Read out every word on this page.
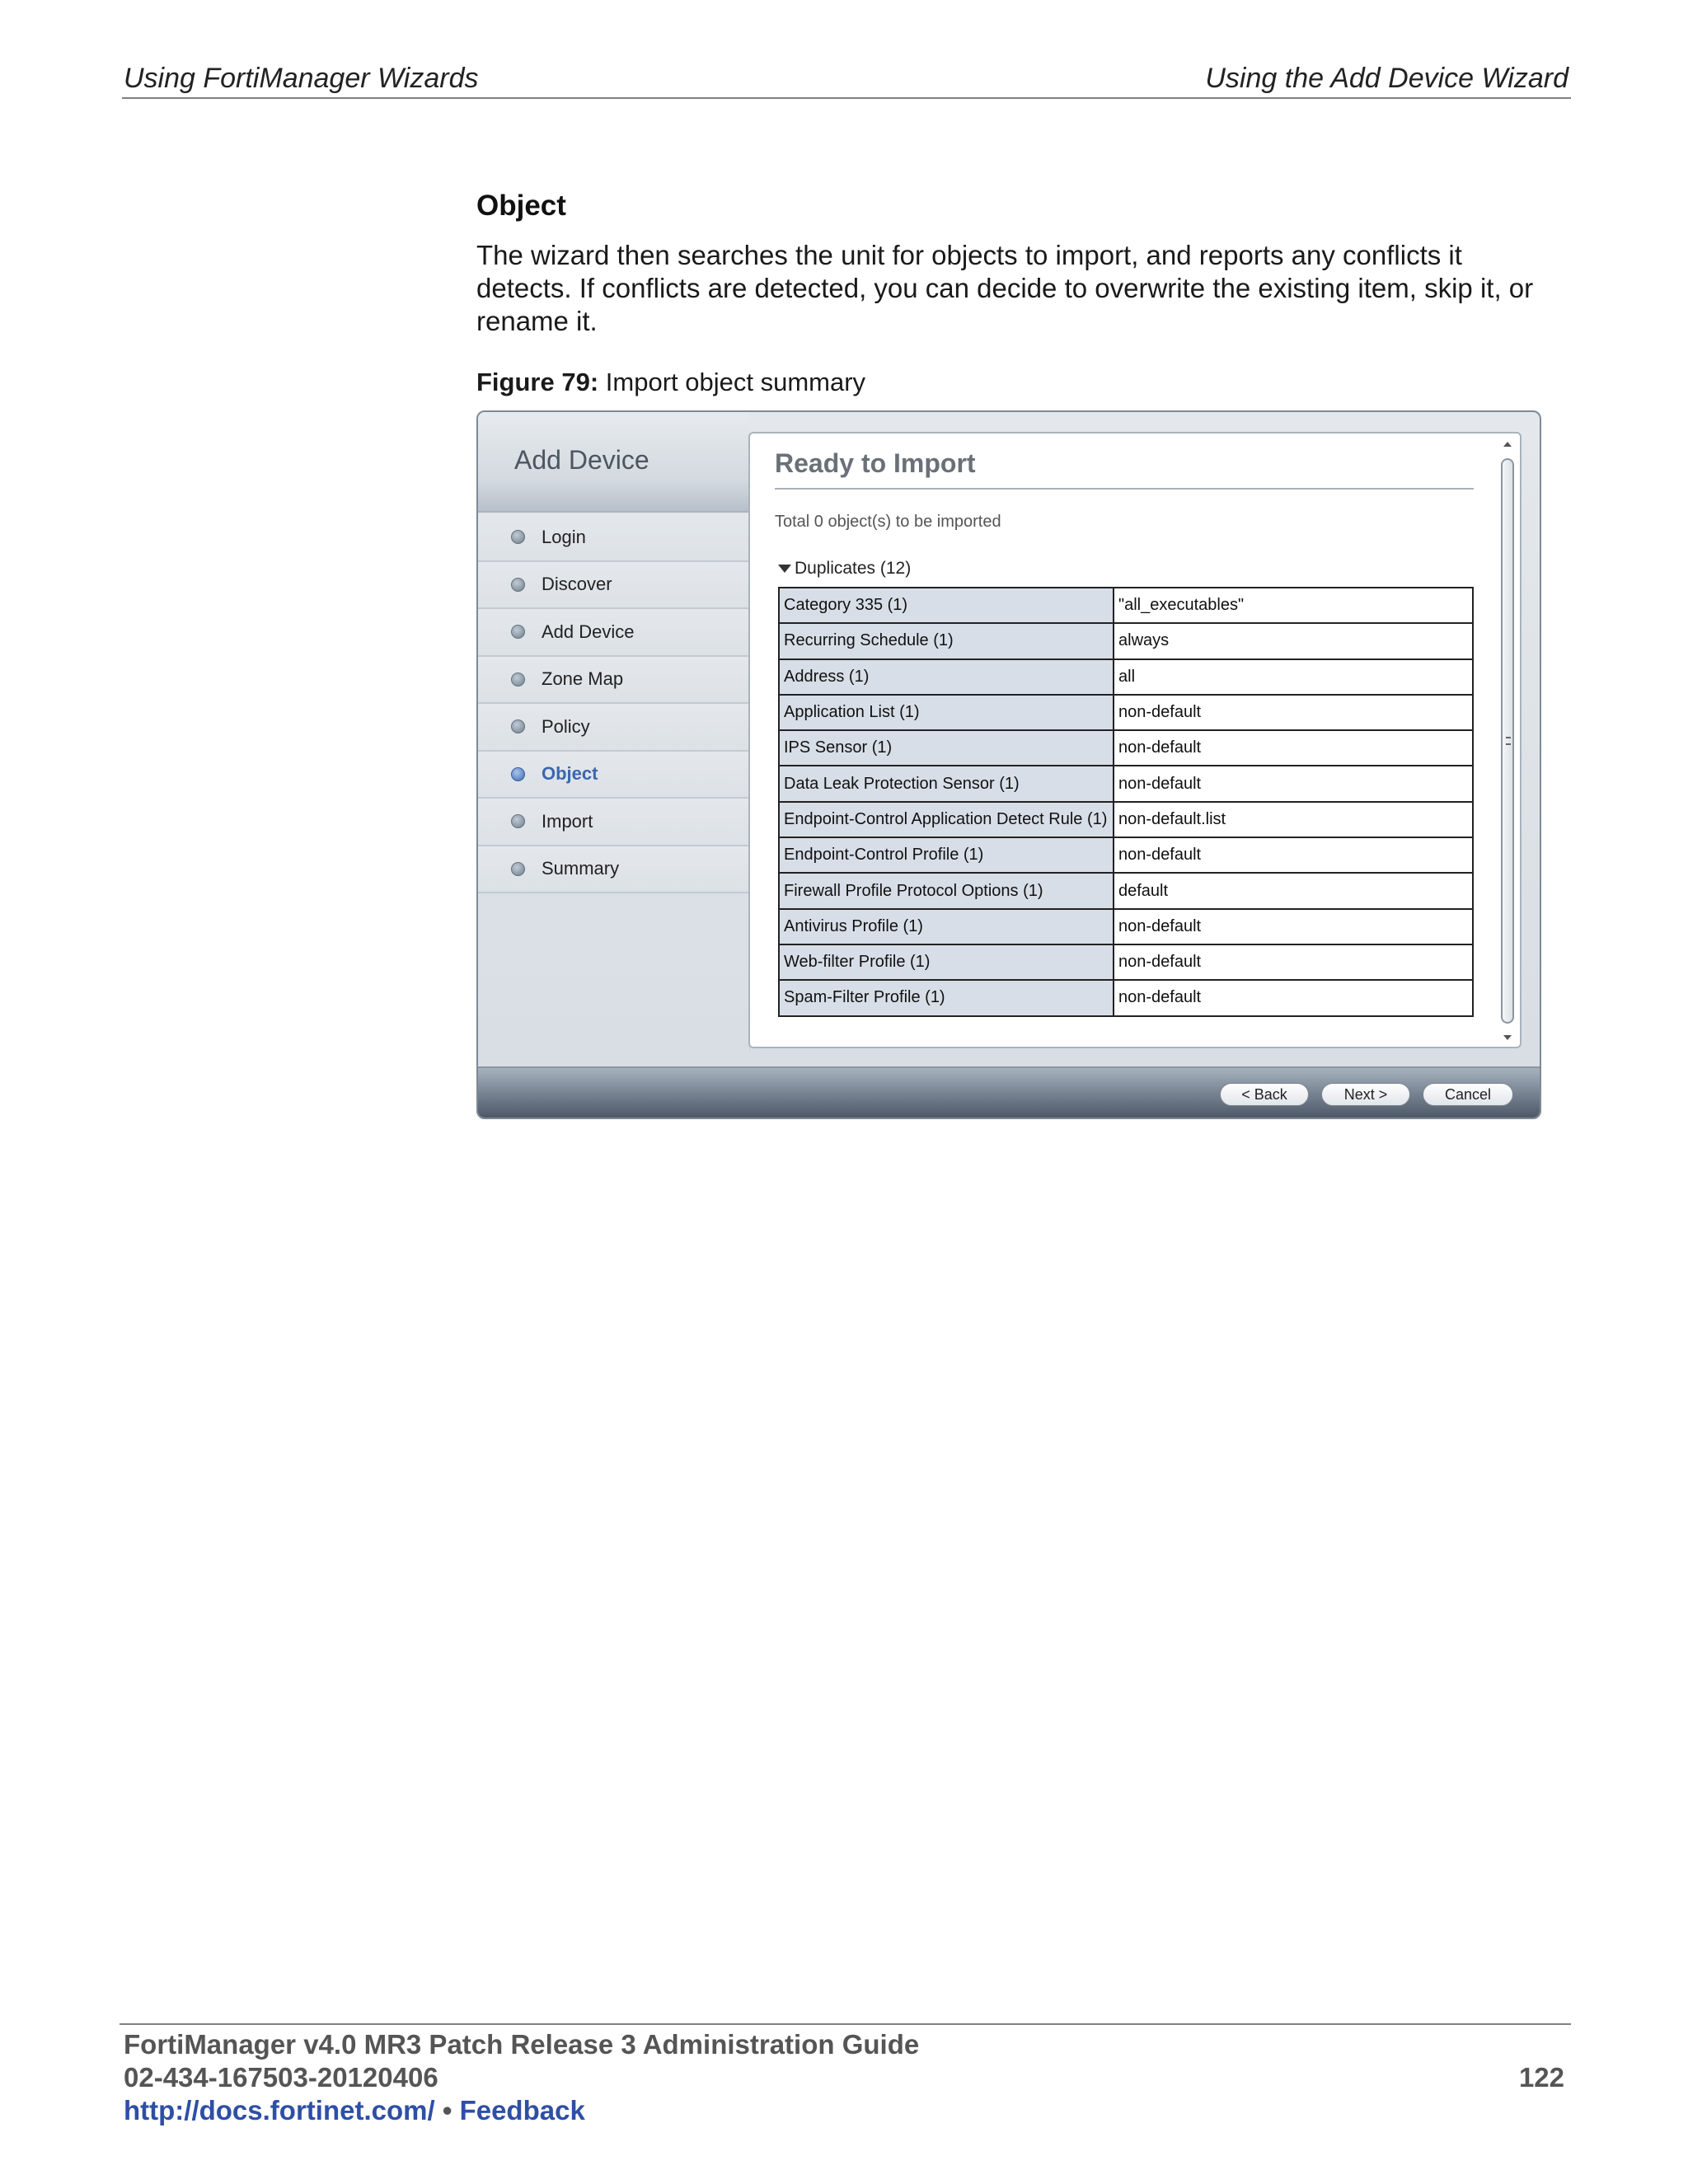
Using FortiManager Wizards	Using the Add Device Wizard
Object

The wizard then searches the unit for objects to import, and reports any conflicts it detects. If conflicts are detected, you can decide to overwrite the existing item, skip it, or rename it.

Figure 79: Import object summary
Add Device
Login
Discover
Add Device
Zone Map
Policy
Object
Import
Summary
Ready to Import
Total 0 object(s) to be imported
Duplicates (12)
Category 335 (1)	"all_executables"
Recurring Schedule (1)	always
Address (1)	all
Application List (1)	non-default
IPS Sensor (1)	non-default
Data Leak Protection Sensor (1)	non-default
Endpoint-Control Application Detect Rule (1)	non-default.list
Endpoint-Control Profile (1)	non-default
Firewall Profile Protocol Options (1)	default
Antivirus Profile (1)	non-default
Web-filter Profile (1)	non-default
Spam-Filter Profile (1)	non-default
< Back	Next >	Cancel
FortiManager v4.0 MR3 Patch Release 3 Administration Guide
02-434-167503-20120406
http://docs.fortinet.com/ • Feedback
122
